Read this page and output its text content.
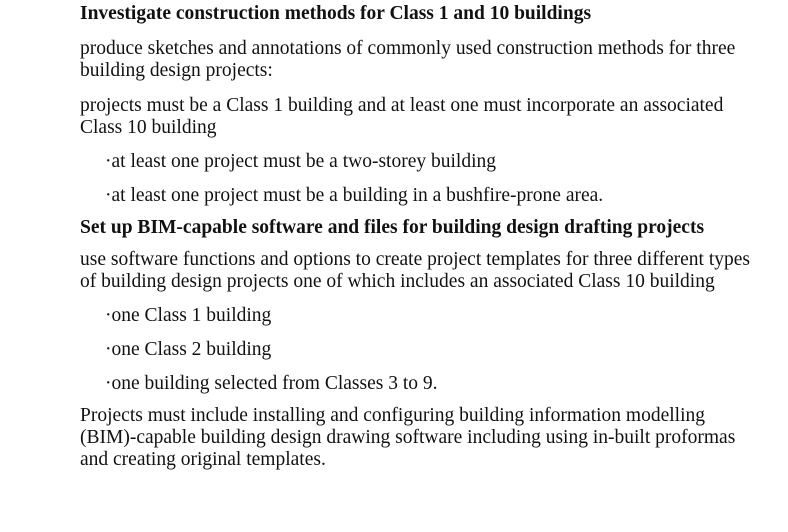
Investigate construction methods for Class 1 and 10 buildings

produce sketches and annotations of commonly used construction methods for three building design projects:

projects must be a Class 1 building and at least one must incorporate an associated Class 10 building

·at least one project must be a two-storey building

·at least one project must be a building in a bushfire-prone area.

Set up BIM-capable software and files for building design drafting projects

use software functions and options to create project templates for three different types of building design projects one of which includes an associated Class 10 building

·one Class 1 building

·one Class 2 building

·one building selected from Classes 3 to 9.

Projects must include installing and configuring building information modelling (BIM)-capable building design drawing software including using in-built proformas and creating original templates.
